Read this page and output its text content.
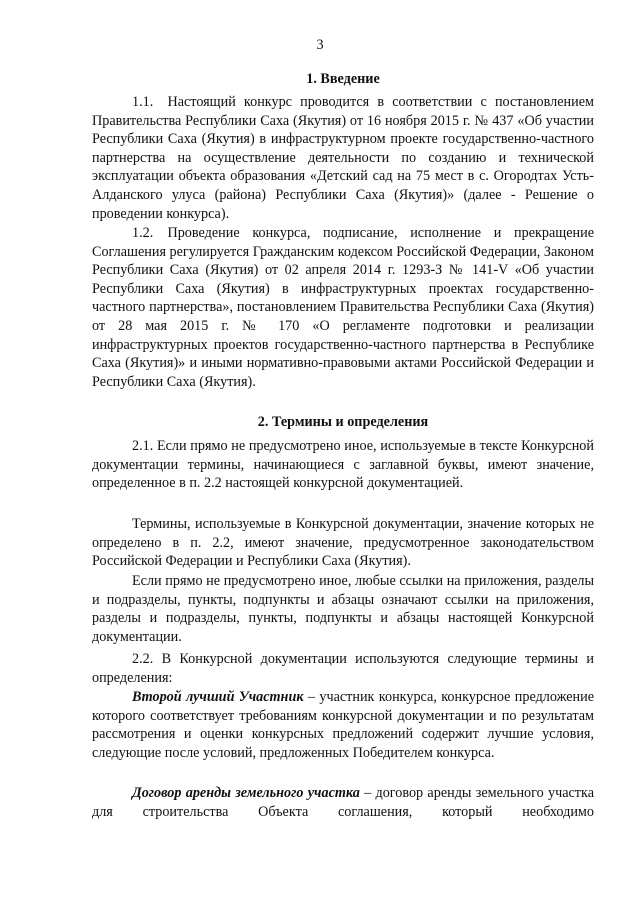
3
1. Введение

1.1. Настоящий конкурс проводится в соответствии с постановлением Правительства Республики Саха (Якутия) от 16 ноября 2015 г. № 437 «Об участии Республики Саха (Якутия) в инфраструктурном проекте государственно-частного партнерства на осуществление деятельности по созданию и технической эксплуатации объекта образования «Детский сад на 75 мест в с. Огородтах Усть-Алданского улуса (района) Республики Саха (Якутия)» (далее - Решение о проведении конкурса).

1.2. Проведение конкурса, подписание, исполнение и прекращение Соглашения регулируется Гражданским кодексом Российской Федерации, Законом Республики Саха (Якутия) от 02 апреля 2014 г. 1293-З № 141-V «Об участии Республики Саха (Якутия) в инфраструктурных проектах государственно-частного партнерства», постановлением Правительства Республики Саха (Якутия) от 28 мая 2015 г. № 170 «О регламенте подготовки и реализации инфраструктурных проектов государственно-частного партнерства в Республике Саха (Якутия)» и иными нормативно-правовыми актами Российской Федерации и Республики Саха (Якутия).

2. Термины и определения

2.1. Если прямо не предусмотрено иное, используемые в тексте Конкурсной документации термины, начинающиеся с заглавной буквы, имеют значение, определенное в п. 2.2 настоящей конкурсной документацией.

Термины, используемые в Конкурсной документации, значение которых не определено в п. 2.2, имеют значение, предусмотренное законодательством Российской Федерации и Республики Саха (Якутия).

Если прямо не предусмотрено иное, любые ссылки на приложения, разделы и подразделы, пункты, подпункты и абзацы означают ссылки на приложения, разделы и подразделы, пункты, подпункты и абзацы настоящей Конкурсной документации.

2.2. В Конкурсной документации используются следующие термины и определения:

Второй лучший Участник – участник конкурса, конкурсное предложение которого соответствует требованиям конкурсной документации и по результатам рассмотрения и оценки конкурсных предложений содержит лучшие условия, следующие после условий, предложенных Победителем конкурса.

Договор аренды земельного участка – договор аренды земельного участка для строительства Объекта соглашения, который необходимо
